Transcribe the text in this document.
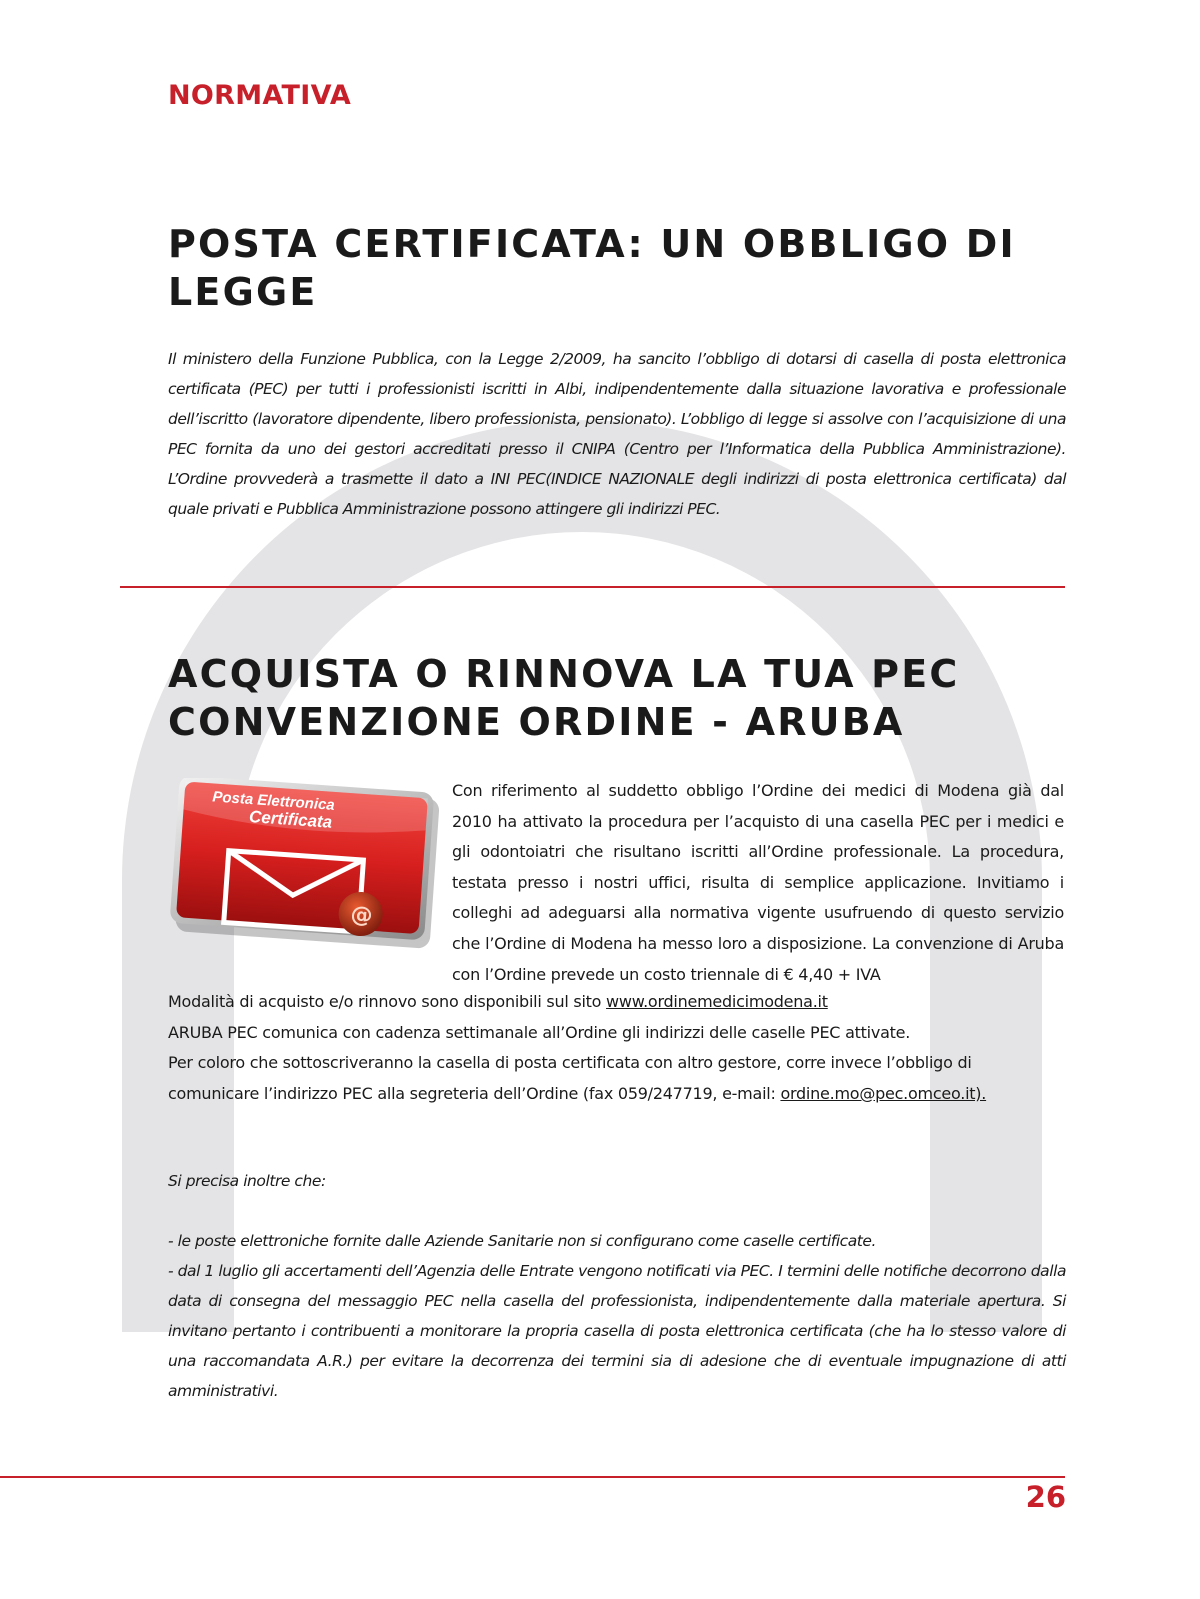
NORMATIVA
POSTA CERTIFICATA: UN OBBLIGO DI
LEGGE
Il ministero della Funzione Pubblica, con la Legge 2/2009, ha sancito l’obbligo di dotarsi di casella di posta elettronica certificata (PEC) per tutti i professionisti iscritti in Albi, indipendentemente dalla situazione lavorativa e professionale dell’iscritto (lavoratore dipendente, libero professionista, pensionato). L’obbligo di legge si assolve con l’acquisizione di una PEC fornita da uno dei gestori accreditati presso il CNIPA (Centro per l’Informatica della Pubblica Amministrazione). L’Ordine provvederà a trasmette il dato a INI PEC(INDICE NAZIONALE degli indirizzi di posta elettronica certificata) dal quale privati e Pubblica Amministrazione possono attingere gli indirizzi PEC.
ACQUISTA O RINNOVA LA TUA PEC
CONVENZIONE ORDINE - ARUBA
Posta Elettronica
Certificata
@
Con riferimento al suddetto obbligo l’Ordine dei medici di Modena già dal 2010 ha attivato la procedura per l’acquisto di una casella PEC per i medici e gli odontoiatri che risultano iscritti all’Ordine professionale. La procedura, testata presso i nostri uffici, risulta di semplice applicazione. Invitiamo i colleghi ad adeguarsi alla normativa vigente usufruendo di questo servizio che l’Ordine di Modena ha messo loro a disposizione. La convenzione di Aruba con l’Ordine prevede un costo triennale di € 4,40 + IVA

Modalità di acquisto e/o rinnovo sono disponibili sul sito www.ordinemedicimodena.it

ARUBA PEC comunica con cadenza settimanale all’Ordine gli indirizzi delle caselle PEC attivate.

Per coloro che sottoscriveranno la casella di posta certificata con altro gestore, corre invece l’obbligo di comunicare l’indirizzo PEC alla segreteria dell’Ordine (fax 059/247719, e-mail: ordine.mo@pec.omceo.it).

Si precisa inoltre che:

- le poste elettroniche fornite dalle Aziende Sanitarie non si configurano come caselle certificate.

- dal 1 luglio gli accertamenti dell’Agenzia delle Entrate vengono notificati via PEC. I termini delle notifiche decorrono dalla data di consegna del messaggio PEC nella casella del professionista, indipendentemente dalla materiale apertura. Si invitano pertanto i contribuenti a monitorare la propria casella di posta elettronica certificata (che ha lo stesso valore di una raccomandata A.R.) per evitare la decorrenza dei termini sia di adesione che di eventuale impugnazione di atti amministrativi.

26
